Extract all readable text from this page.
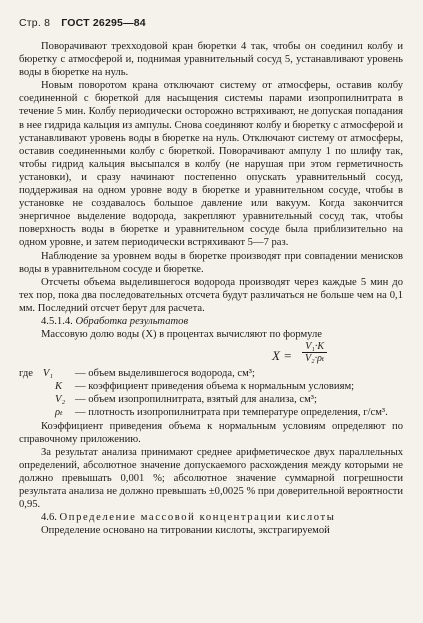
Стр. 8 ГОСТ 26295—84

Поворачивают трехходовой кран бюретки 4 так, чтобы он соединил колбу и бюретку с атмосферой и, поднимая уравнительный сосуд 5, устанавливают уровень воды в бюретке на нуль.

Новым поворотом крана отключают систему от атмосферы, оставив колбу соединенной с бюреткой для насыщения системы парами изопропилнитрата в течение 5 мин. Колбу периодически осторожно встряхивают, не допуская попадания в нее гидрида кальция из ампулы. Снова соединяют колбу и бюретку с атмосферой и устанавливают уровень воды в бюретке на нуль. Отключают систему от атмосферы, оставив соединенными колбу с бюреткой. Поворачивают ампулу 1 по шлифу так, чтобы гидрид кальция высыпался в колбу (не нарушая при этом герметичность установки), и сразу начинают постепенно опускать уравнительный сосуд, поддерживая на одном уровне воду в бюретке и уравнительном сосуде, чтобы в установке не создавалось большое давление или вакуум. Когда закончится энергичное выделение водорода, закрепляют уравнительный сосуд так, чтобы поверхность воды в бюретке и уравнительном сосуде была приблизительно на одном уровне, и затем периодически встряхивают 5—7 раз.

Наблюдение за уровнем воды в бюретке производят при совпадении менисков воды в уравнительном сосуде и бюретке.

Отсчеты объема выделившегося водорода производят через каждые 5 мин до тех пор, пока два последовательных отсчета будут различаться не больше чем на 0,1 мм. Последний отсчет берут для расчета.

4.5.1.4. Обработка результатов

Массовую долю воды (X) в процентах вычисляют по формуле

$X = \frac{\text{V₁·K}}{\text{V₂·ρₜ}}$
где V₁	— объем выделившегося водорода, см³;
K	— коэффициент приведения объема к нормальным условиям;
V₂ — объем изопропилнитрата, взятый для анализа, см³;
ρₜ	— плотность изопропилнитрата при температуре определения, г/см³.

Коэффициент приведения объема к нормальным условиям определяют по справочному приложению.

За результат анализа принимают среднее арифметическое двух параллельных определений, абсолютное значение допускаемого расхождения между которыми не должно превышать 0,001 %; абсолютное значение суммарной погрешности результата анализа не должно превышать ±0,0025 % при доверительной вероятности 0,95.

4.6. Определение массовой концентрации кислоты

Определение основано на титровании кислоты, экстрагируемой
